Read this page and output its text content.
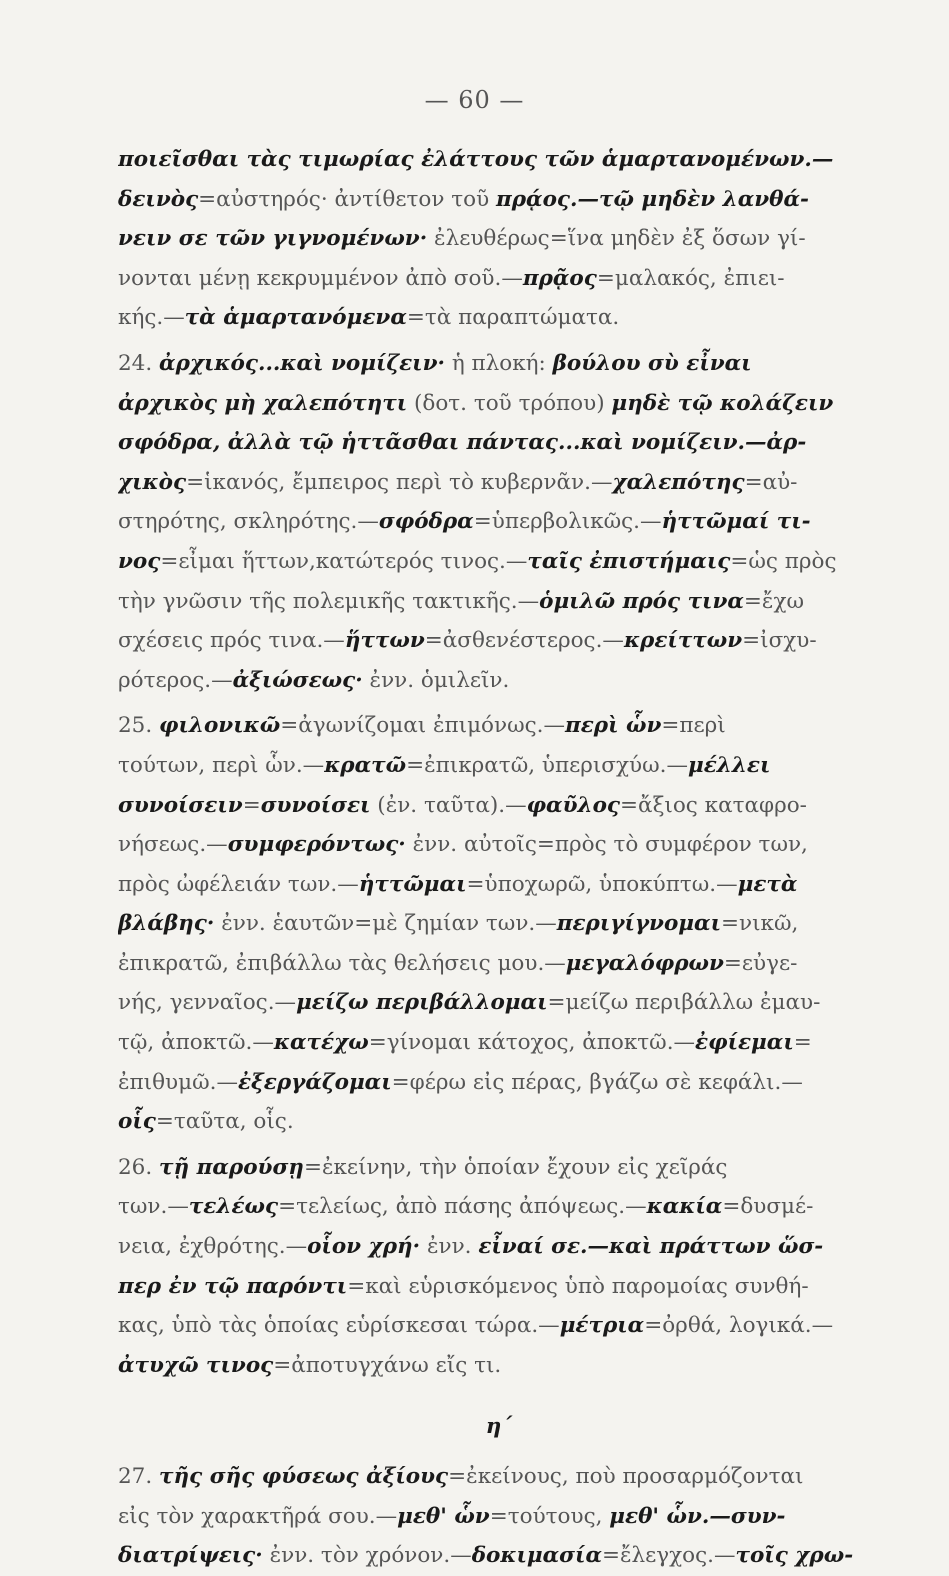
— 60 —
ποιεῖσθαι τὰς τιμωρίας ἐλάττους τῶν ἁμαρτανομένων.—
δεινὸς=αὐστηρός· ἀντίθετον τοῦ πρᾴος.—τῷ μηδὲν λανθά-
νειν σε τῶν γιγνομένων· ἐλευθέρως=ἵνα μηδὲν ἐξ ὅσων γί-
νονται μένῃ κεκρυμμένον ἀπὸ σοῦ.—πρᾷος=μαλακός, ἐπιει-
κής.—τὰ ἁμαρτανόμενα=τὰ παραπτώματα.
24. ἀρχικός...καὶ νομίζειν· ἡ πλοκή: βούλου σὺ εἶναι
ἀρχικὸς μὴ χαλεπότητι (δοτ. τοῦ τρόπου) μηδὲ τῷ κολάζειν
σφόδρα, ἀλλὰ τῷ ἡττᾶσθαι πάντας...καὶ νομίζειν.—ἀρ-
χικὸς=ἱκανός, ἔμπειρος περὶ τὸ κυβερνᾶν.—χαλεπότης=αὐ-
στηρότης, σκληρότης.—σφόδρα=ὑπερβολικῶς.—ἡττῶμαί τι-
νος=εἶμαι ἥττων,κατώτερός τινος.—ταῖς ἐπιστήμαις=ὡς πρὸς
τὴν γνῶσιν τῆς πολεμικῆς τακτικῆς.—ὁμιλῶ πρός τινα=ἔχω
σχέσεις πρός τινα.—ἥττων=ἀσθενέστερος.—κρείττων=ἰσχυ-
ρότερος.—ἀξιώσεως· ἐνν. ὁμιλεῖν.
25. φιλονικῶ=ἀγωνίζομαι ἐπιμόνως.—περὶ ὧν=περὶ
τούτων, περὶ ὧν.—κρατῶ=ἐπικρατῶ, ὑπερισχύω.—μέλλει
συνοίσειν=συνοίσει (ἐν. ταῦτα).—φαῦλος=ἄξιος καταφρο-
νήσεως.—συμφερόντως· ἐνν. αὐτοῖς=πρὸς τὸ συμφέρον των,
πρὸς ὠφέλειάν των.—ἡττῶμαι=ὑποχωρῶ, ὑποκύπτω.—μετὰ
βλάβης· ἐνν. ἑαυτῶν=μὲ ζημίαν των.—περιγίγνομαι=νικῶ,
ἐπικρατῶ, ἐπιβάλλω τὰς θελήσεις μου.—μεγαλόφρων=εὐγε-
νής, γενναῖος.—μείζω περιβάλλομαι=μείζω περιβάλλω ἐμαυ-
τῷ, ἀποκτῶ.—κατέχω=γίνομαι κάτοχος, ἀποκτῶ.—ἐφίεμαι=
ἐπιθυμῶ.—ἐξεργάζομαι=φέρω εἰς πέρας, βγάζω σὲ κεφάλι.—
οἷς=ταῦτα, οἷς.
26. τῇ παρούσῃ=ἐκείνην, τὴν ὁποίαν ἔχουν εἰς χεῖράς
των.—τελέως=τελείως, ἀπὸ πάσης ἀπόψεως.—κακία=δυσμέ-
νεια, ἐχθρότης.—οἷον χρή· ἐνν. εἶναί σε.—καὶ πράττων ὥσ-
περ ἐν τῷ παρόντι=καὶ εὑρισκόμενος ὑπὸ παρομοίας συνθή-
κας, ὑπὸ τὰς ὁποίας εὑρίσκεσαι τώρα.—μέτρια=ὀρθά, λογικά.—
ἀτυχῶ τινος=ἀποτυγχάνω εἴς τι.
η´
27. τῆς σῆς φύσεως ἀξίους=ἐκείνους, ποὺ προσαρμόζονται
εἰς τὸν χαρακτῆρά σου.—μεθ' ὧν=τούτους, μεθ' ὧν.—συν-
διατρίψεις· ἐνν. τὸν χρόνον.—δοκιμασία=ἔλεγχος.—τοῖς χρω-
